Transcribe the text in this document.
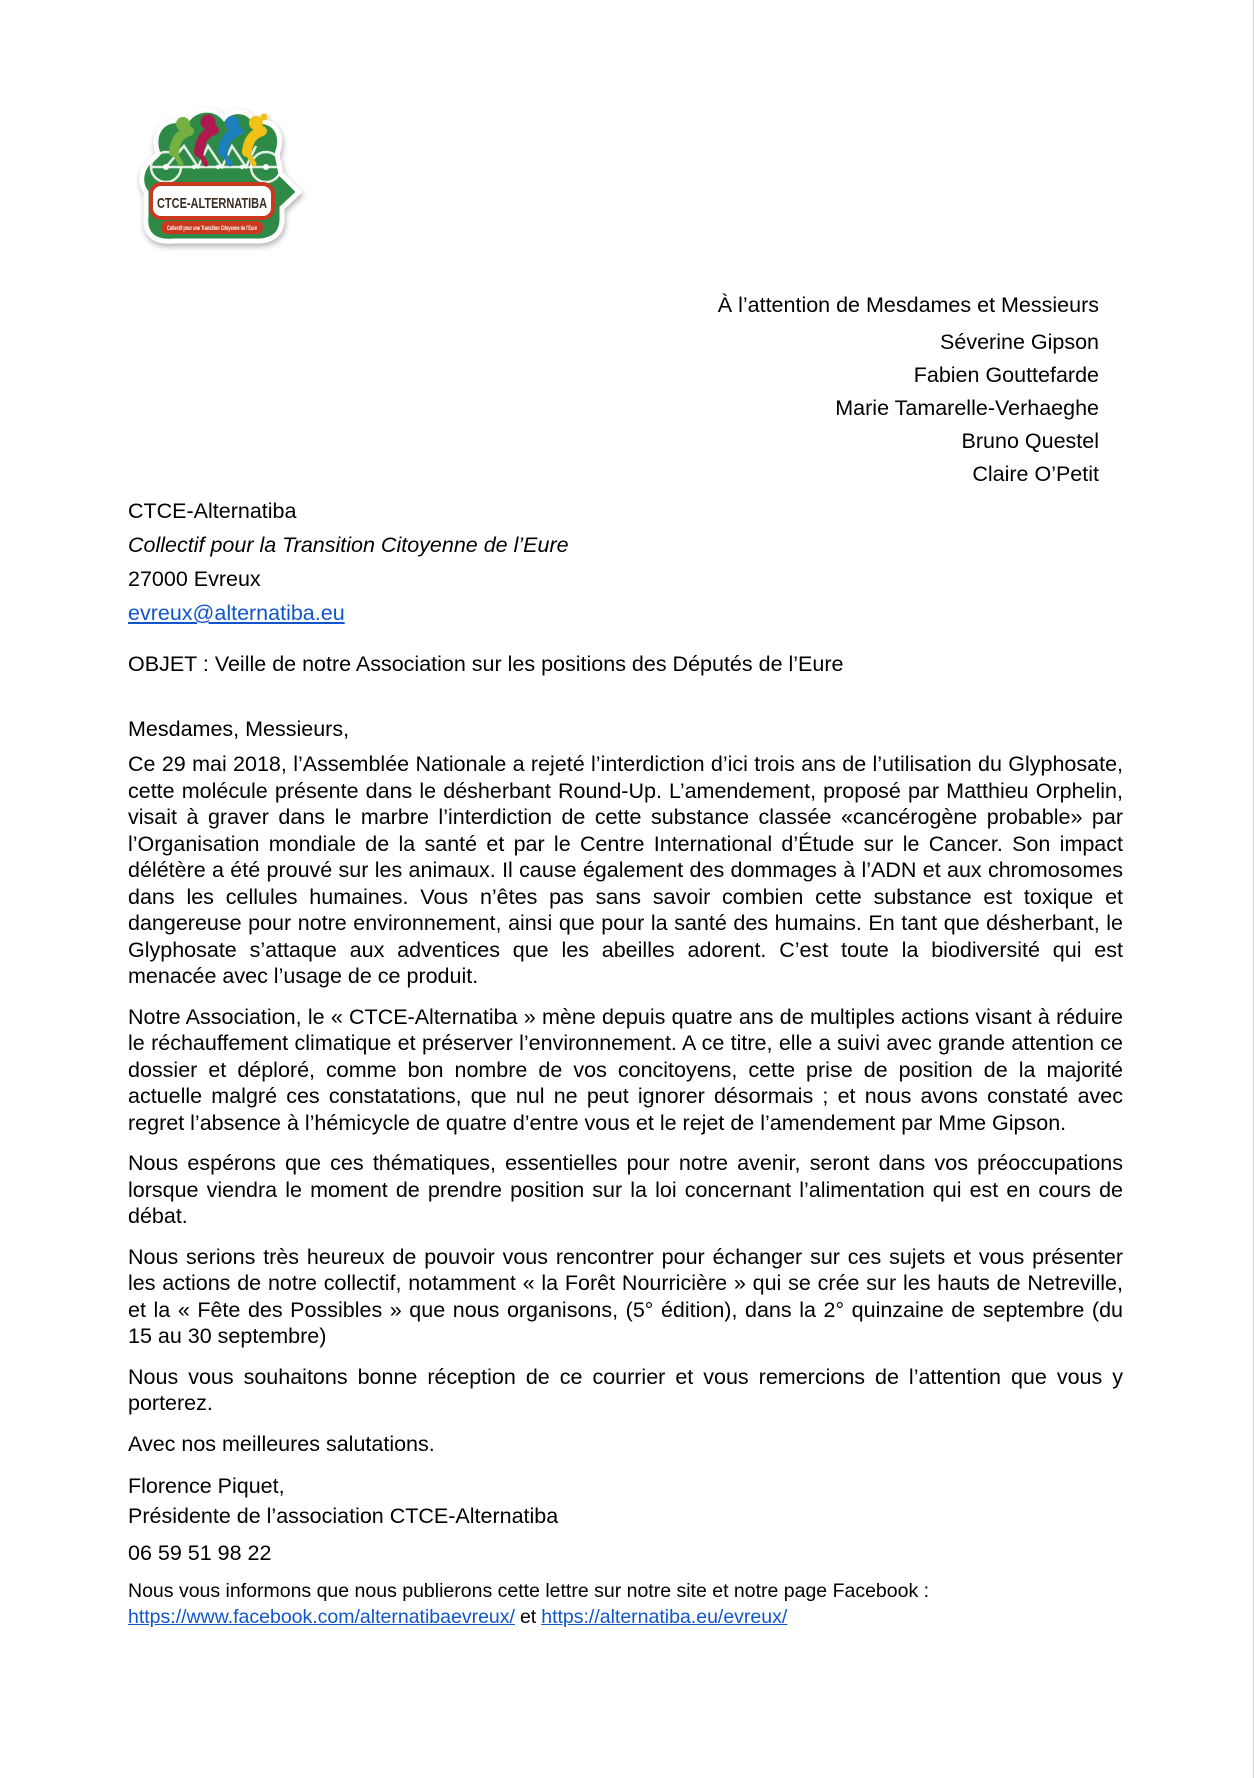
CTCE-ALTERNATIBA
Collectif pour une Transition Citoyenne de l’Eure
À l’attention de Mesdames et Messieurs
Séverine Gipson
Fabien Gouttefarde
Marie Tamarelle-Verhaeghe
Bruno Questel
Claire O’Petit
CTCE-Alternatiba
Collectif pour la Transition Citoyenne de l’Eure
27000 Evreux
evreux@alternatiba.eu
OBJET : Veille de notre Association sur les positions des Députés de l’Eure
Mesdames, Messieurs,

Ce 29 mai 2018, l’Assemblée Nationale a rejeté l’interdiction d’ici trois ans de l’utilisation du Glyphosate, cette molécule présente dans le désherbant Round-Up. L’amendement, proposé par Matthieu Orphelin, visait à graver dans le marbre l’interdiction de cette substance classée «cancérogène probable» par l’Organisation mondiale de la santé et par le Centre International d’Étude sur le Cancer. Son impact délétère a été prouvé sur les animaux. Il cause également des dommages à l’ADN et aux chromosomes dans les cellules humaines. Vous n’êtes pas sans savoir combien cette substance est toxique et dangereuse pour notre environnement, ainsi que pour la santé des humains. En tant que désherbant, le Glyphosate s’attaque aux adventices que les abeilles adorent. C’est toute la biodiversité qui est menacée avec l’usage de ce produit.

Notre Association, le « CTCE-Alternatiba » mène depuis quatre ans de multiples actions visant à réduire le réchauffement climatique et préserver l’environnement. A ce titre, elle a suivi avec grande attention ce dossier et déploré, comme bon nombre de vos concitoyens, cette prise de position de la majorité actuelle malgré ces constatations, que nul ne peut ignorer désormais ; et nous avons constaté avec regret l’absence à l’hémicycle de quatre d’entre vous et le rejet de l’amendement par Mme Gipson.

Nous espérons que ces thématiques, essentielles pour notre avenir, seront dans vos préoccupations lorsque viendra le moment de prendre position sur la loi concernant l’alimentation qui est en cours de débat.

Nous serions très heureux de pouvoir vous rencontrer pour échanger sur ces sujets et vous présenter les actions de notre collectif, notamment « la Forêt Nourricière » qui se crée sur les hauts de Netreville, et la « Fête des Possibles » que nous organisons, (5° édition), dans la 2° quinzaine de septembre (du 15 au 30 septembre)

Nous vous souhaitons bonne réception de ce courrier et vous remercions de l’attention que vous y porterez.

Avec nos meilleures salutations.

Florence Piquet,
Présidente de l’association CTCE-Alternatiba
06 59 51 98 22
Nous vous informons que nous publierons cette lettre sur notre site et notre page Facebook :
https://www.facebook.com/alternatibaevreux/ et https://alternatiba.eu/evreux/
